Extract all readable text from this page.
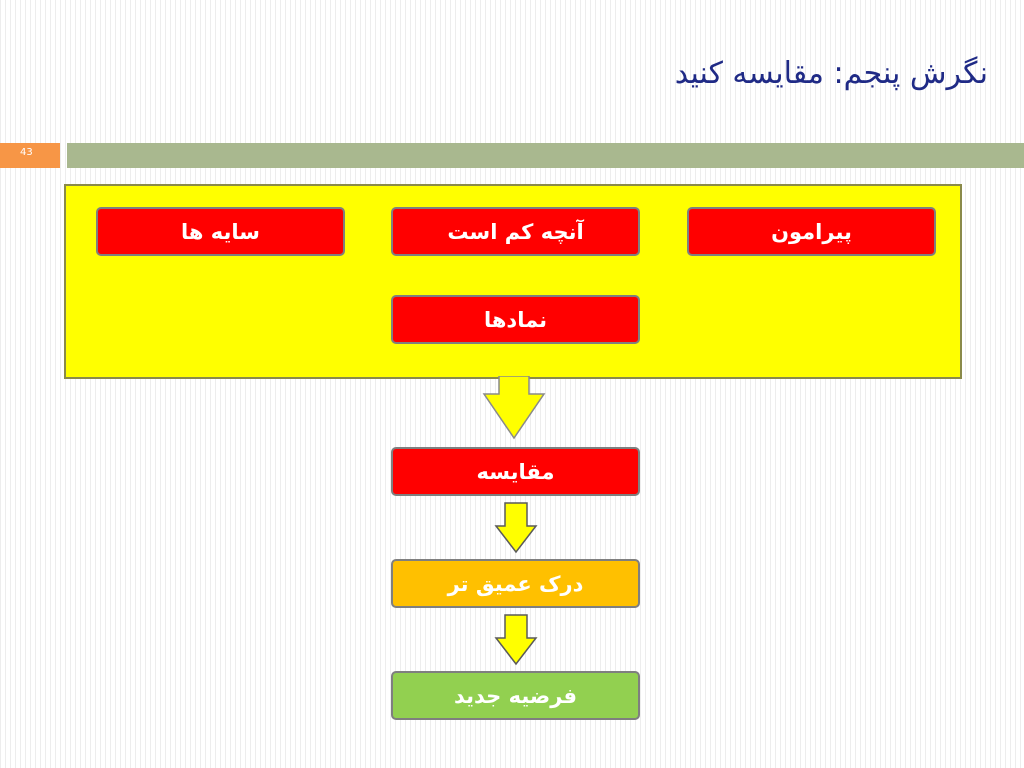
نگرش پنجم: مقایسه کنید
43
پیرامون
آنچه کم است
سایه ها
نمادها
مقایسه
درک عمیق تر
فرضیه جدید
